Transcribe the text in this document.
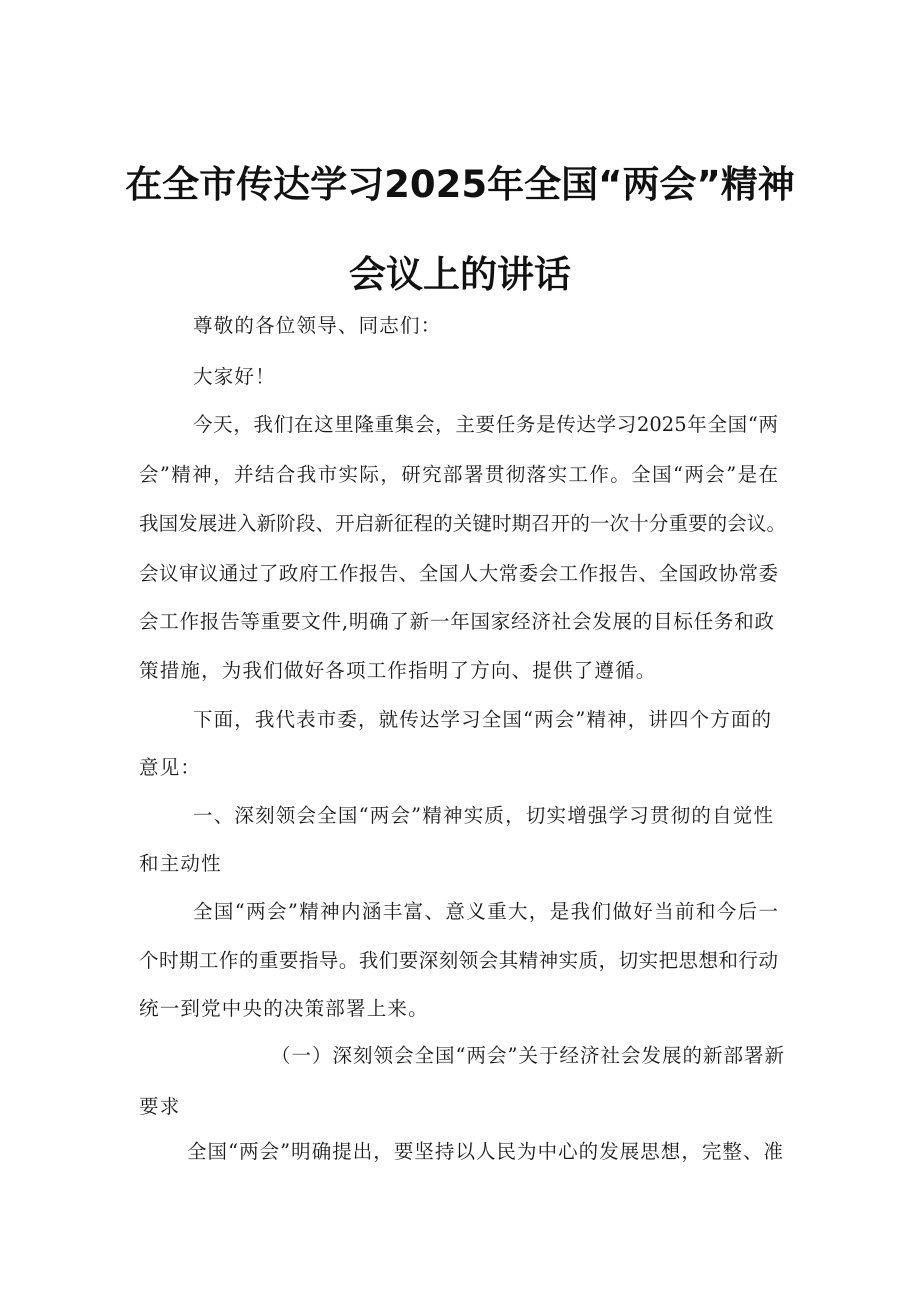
在全市传达学习2025年全国“两会”精神
会议上的讲话
尊敬的各位领导、同志们：
大家好！
今天，我们在这里隆重集会，主要任务是传达学习2025年全国“两
会”精神，并结合我市实际，研究部署贯彻落实工作。全国“两会”是在
我国发展进入新阶段、开启新征程的关键时期召开的一次十分重要的会议。
会议审议通过了政府工作报告、全国人大常委会工作报告、全国政协常委
会工作报告等重要文件,明确了新一年国家经济社会发展的目标任务和政
策措施，为我们做好各项工作指明了方向、提供了遵循。
下面，我代表市委，就传达学习全国“两会”精神，讲四个方面的
意见：
一、深刻领会全国“两会”精神实质，切实增强学习贯彻的自觉性
和主动性
全国“两会”精神内涵丰富、意义重大，是我们做好当前和今后一
个时期工作的重要指导。我们要深刻领会其精神实质，切实把思想和行动
统一到党中央的决策部署上来。
（一）深刻领会全国“两会”关于经济社会发展的新部署新
要求
全国“两会”明确提出，要坚持以人民为中心的发展思想，完整、准
